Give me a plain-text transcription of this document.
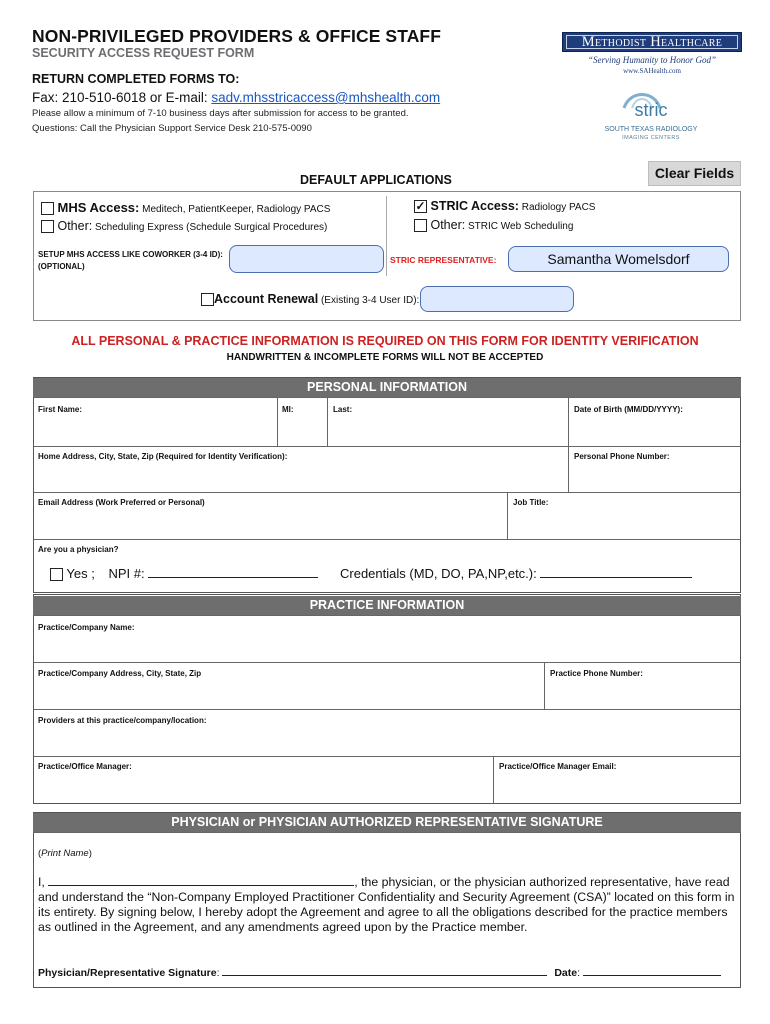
NON-PRIVILEGED PROVIDERS & OFFICE STAFF
SECURITY ACCESS REQUEST FORM
RETURN COMPLETED FORMS TO:
Fax: 210-510-6018 or E-mail: sadv.mhsstricaccess@mhshealth.com
Please allow a minimum of 7-10 business days after submission for access to be granted.
Questions: Call the Physician Support Service Desk 210-575-0090
Methodist Healthcare
“Serving Humanity to Honor God”
www.SAHealth.com
stric
SOUTH TEXAS RADIOLOGY
IMAGING CENTERS
Clear Fields
DEFAULT APPLICATIONS
MHS Access: Meditech, PatientKeeper, Radiology PACS
Other: Scheduling Express (Schedule Surgical Procedures)
✓ STRIC Access: Radiology PACS
Other: STRIC Web Scheduling
SETUP MHS ACCESS LIKE COWORKER (3-4 ID):
(OPTIONAL)
STRIC REPRESENTATIVE:	Samantha Womelsdorf
Account Renewal (Existing 3-4 User ID):
ALL PERSONAL & PRACTICE INFORMATION IS REQUIRED ON THIS FORM FOR IDENTITY VERIFICATION
HANDWRITTEN & INCOMPLETE FORMS WILL NOT BE ACCEPTED
PERSONAL INFORMATION
First Name:	MI:	Last:	Date of Birth (MM/DD/YYYY):
Home Address, City, State, Zip (Required for Identity Verification):	Personal Phone Number:
Email Address (Work Preferred or Personal)	Job Title:
Are you a physician?
Yes ; NPI #:	Credentials (MD, DO, PA,NP,etc.):
PRACTICE INFORMATION
Practice/Company Name:
Practice/Company Address, City, State, Zip	Practice Phone Number:
Providers at this practice/company/location:
Practice/Office Manager:	Practice/Office Manager Email:
PHYSICIAN or PHYSICIAN AUTHORIZED REPRESENTATIVE SIGNATURE
(Print Name)
I,	, the physician, or the physician authorized representative, have read and understand the “Non-Company Employed Practitioner Confidentiality and Security Agreement (CSA)” located on this form in its entirety. By signing below, I hereby adopt the Agreement and agree to all the obligations described for the practice members as outlined in the Agreement, and any amendments agreed upon by the Practice member.
Physician/Representative Signature:	Date:
